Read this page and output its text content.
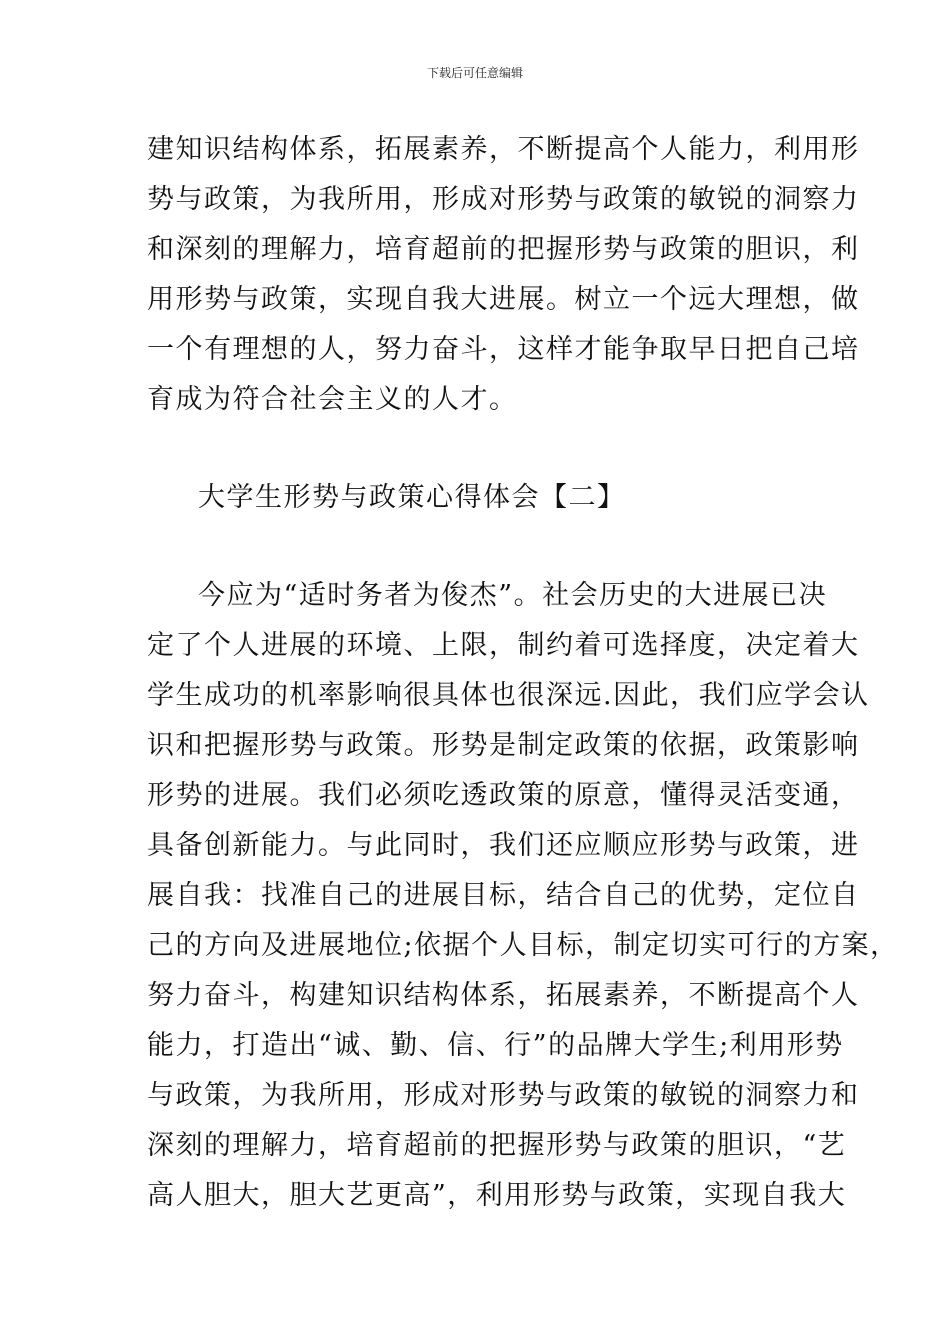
下载后可任意编辑
建知识结构体系，拓展素养，不断提高个人能力，利用形
势与政策，为我所用，形成对形势与政策的敏锐的洞察力
和深刻的理解力，培育超前的把握形势与政策的胆识，利
用形势与政策，实现自我大进展。树立一个远大理想，做
一个有理想的人，努力奋斗，这样才能争取早日把自己培
育成为符合社会主义的人才。
大学生形势与政策心得体会【二】
今应为“适时务者为俊杰”。社会历史的大进展已决
定了个人进展的环境、上限，制约着可选择度，决定着大
学生成功的机率影响很具体也很深远.因此，我们应学会认
识和把握形势与政策。形势是制定政策的依据，政策影响
形势的进展。我们必须吃透政策的原意，懂得灵活变通，
具备创新能力。与此同时，我们还应顺应形势与政策，进
展自我：找准自己的进展目标，结合自己的优势，定位自
己的方向及进展地位;依据个人目标，制定切实可行的方案，
努力奋斗，构建知识结构体系，拓展素养，不断提高个人
能力，打造出“诚、勤、信、行”的品牌大学生;利用形势
与政策，为我所用，形成对形势与政策的敏锐的洞察力和
深刻的理解力，培育超前的把握形势与政策的胆识，“艺
高人胆大，胆大艺更高”，利用形势与政策，实现自我大
